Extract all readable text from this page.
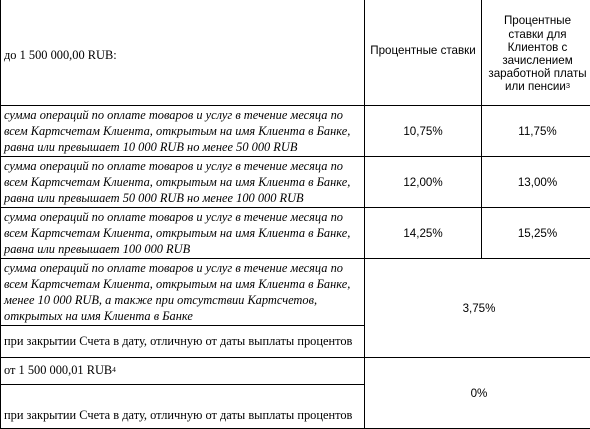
до 1 500 000,00 RUB:	Процентные ставки	Процентные ставки для Клиентов с зачислением заработной платы или пенсии$^3$
сумма операций по оплате товаров и услуг в течение месяца по всем Картсчетам Клиента, открытым на имя Клиента в Банке, равна или превышает 10 000 RUB но менее 50 000 RUB	10,75%	11,75%
сумма операций по оплате товаров и услуг в течение месяца по всем Картсчетам Клиента, открытым на имя Клиента в Банке, равна или превышает 50 000 RUB но менее 100 000 RUB	12,00%	13,00%
сумма операций по оплате товаров и услуг в течение месяца по всем Картсчетам Клиента, открытым на имя Клиента в Банке, равна или превышает 100 000 RUB	14,25%	15,25%
сумма операций по оплате товаров и услуг в течение месяца по всем Картсчетам Клиента, открытым на имя Клиента в Банке, менее 10 000 RUB, а также при отсутствии Картсчетов, открытых на имя Клиента в Банке	3,75%	
при закрытии Счета в дату, отличную от даты выплаты процентов		
от 1 500 000,01 RUB$^4$	0%	
при закрытии Счета в дату, отличную от даты выплаты процентов		
